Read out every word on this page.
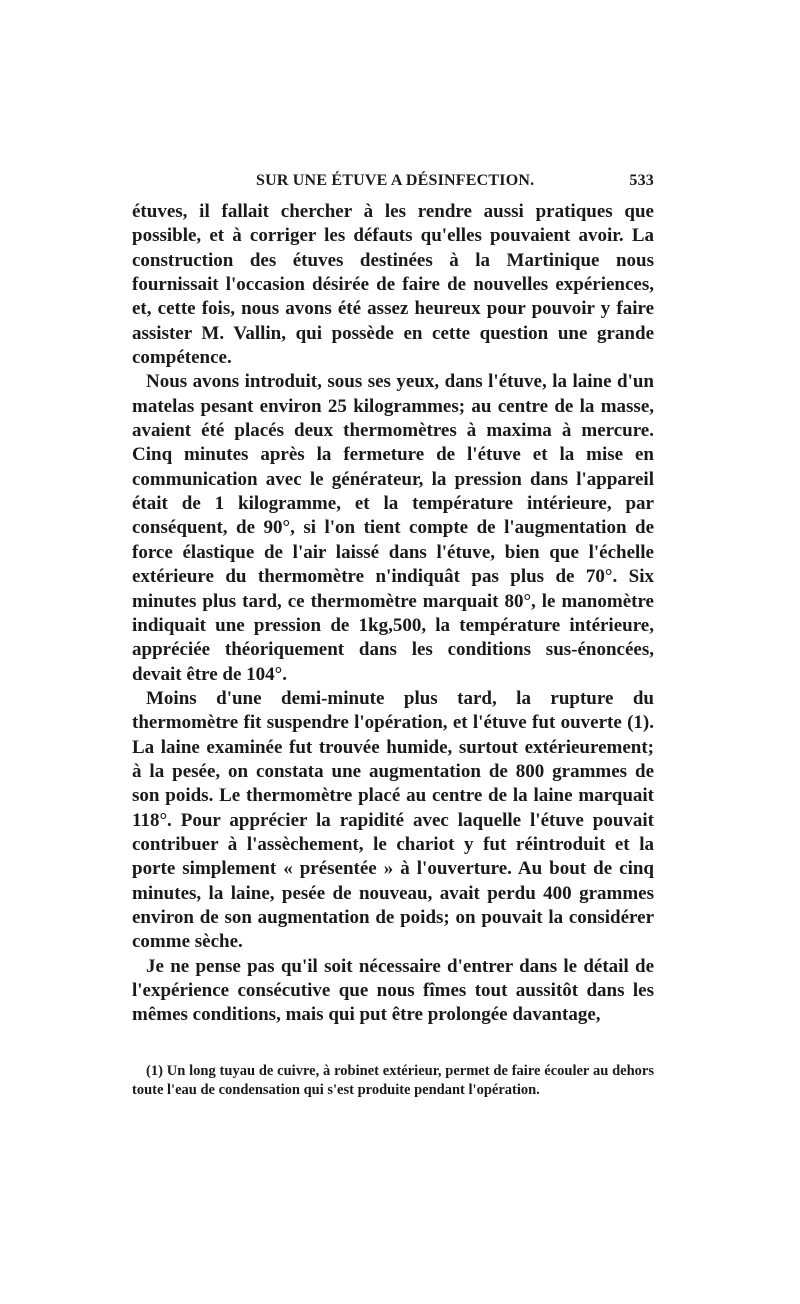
SUR UNE ÉTUVE A DÉSINFECTION.	533

étuves, il fallait chercher à les rendre aussi pratiques que possible, et à corriger les défauts qu'elles pouvaient avoir. La construction des étuves destinées à la Martinique nous fournissait l'occasion désirée de faire de nouvelles expériences, et, cette fois, nous avons été assez heureux pour pouvoir y faire assister M. Vallin, qui possède en cette question une grande compétence.

Nous avons introduit, sous ses yeux, dans l'étuve, la laine d'un matelas pesant environ 25 kilogrammes; au centre de la masse, avaient été placés deux thermomètres à maxima à mercure. Cinq minutes après la fermeture de l'étuve et la mise en communication avec le générateur, la pression dans l'appareil était de 1 kilogramme, et la température intérieure, par conséquent, de 90°, si l'on tient compte de l'augmentation de force élastique de l'air laissé dans l'étuve, bien que l'échelle extérieure du thermomètre n'indiquât pas plus de 70°. Six minutes plus tard, ce thermomètre marquait 80°, le manomètre indiquait une pression de 1kg,500, la température intérieure, appréciée théoriquement dans les conditions sus-énoncées, devait être de 104°.

Moins d'une demi-minute plus tard, la rupture du thermomètre fit suspendre l'opération, et l'étuve fut ouverte (1). La laine examinée fut trouvée humide, surtout extérieurement; à la pesée, on constata une augmentation de 800 grammes de son poids. Le thermomètre placé au centre de la laine marquait 118°. Pour apprécier la rapidité avec laquelle l'étuve pouvait contribuer à l'assèchement, le chariot y fut réintroduit et la porte simplement « présentée » à l'ouverture. Au bout de cinq minutes, la laine, pesée de nouveau, avait perdu 400 grammes environ de son augmentation de poids; on pouvait la considérer comme sèche.

Je ne pense pas qu'il soit nécessaire d'entrer dans le détail de l'expérience consécutive que nous fîmes tout aussitôt dans les mêmes conditions, mais qui put être prolongée davantage,

(1) Un long tuyau de cuivre, à robinet extérieur, permet de faire écouler au dehors toute l'eau de condensation qui s'est produite pendant l'opération.
